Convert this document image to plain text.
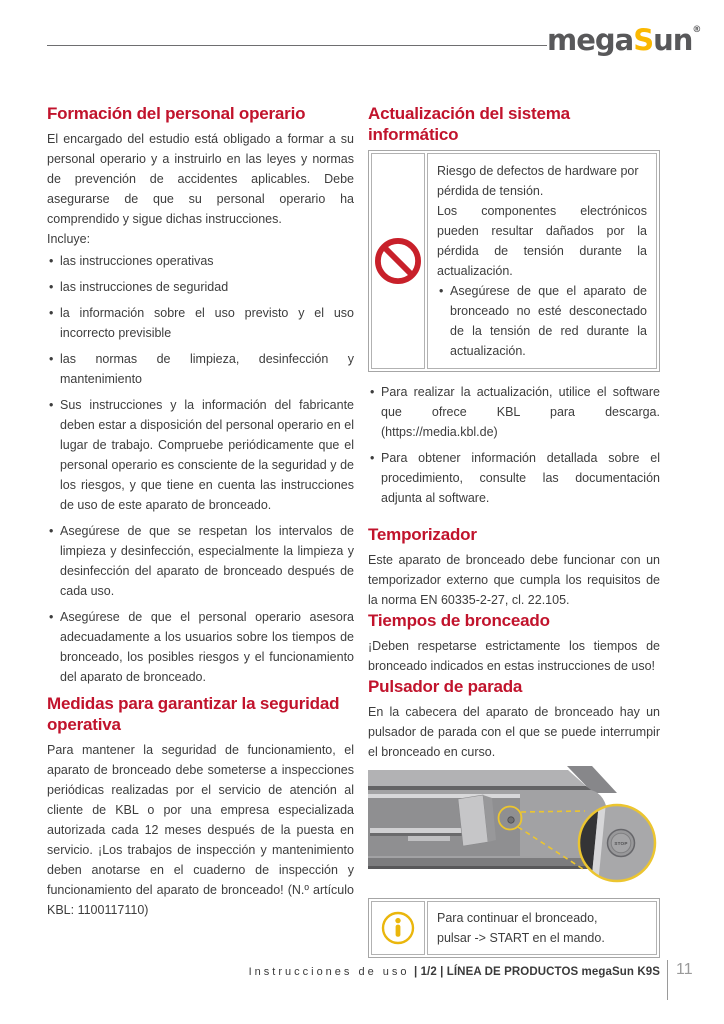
megaSun®
Formación del personal operario

El encargado del estudio está obligado a formar a su personal operario y a instruirlo en las leyes y normas de prevención de accidentes aplicables. Debe asegurarse de que su personal operario ha comprendido y sigue dichas instrucciones.

Incluye:

• las instrucciones operativas
• las instrucciones de seguridad
• la información sobre el uso previsto y el uso incorrecto previsible
• las normas de limpieza, desinfección y mantenimiento
• Sus instrucciones y la información del fabricante deben estar a disposición del personal operario en el lugar de trabajo. Compruebe periódicamente que el personal operario es consciente de la seguridad y de los riesgos, y que tiene en cuenta las instrucciones de uso de este aparato de bronceado.
• Asegúrese de que se respetan los intervalos de limpieza y desinfección, especialmente la limpieza y desinfección del aparato de bronceado después de cada uso.
• Asegúrese de que el personal operario asesora adecuadamente a los usuarios sobre los tiempos de bronceado, los posibles riesgos y el funcionamiento del aparato de bronceado.
Medidas para garantizar la seguridad operativa

Para mantener la seguridad de funcionamiento, el aparato de bronceado debe someterse a inspecciones periódicas realizadas por el servicio de atención al cliente de KBL o por una empresa especializada autorizada cada 12 meses después de la puesta en servicio. ¡Los trabajos de inspección y mantenimiento deben anotarse en el cuaderno de inspección y funcionamiento del aparato de bronceado! (N.º artículo KBL: 1100117110)

Actualización del sistema informático

Riesgo de defectos de hardware por pérdida de tensión.

Los componentes electrónicos pueden resultar dañados por la pérdida de tensión durante la actualización.

• Asegúrese de que el aparato de bronceado no esté desconectado de la tensión de red durante la actualización.
• Para realizar la actualización, utilice el software que ofrece KBL para descarga. (https://media.kbl.de)
• Para obtener información detallada sobre el procedimiento, consulte las documentación adjunta al software.
Temporizador

Este aparato de bronceado debe funcionar con un temporizador externo que cumpla los requisitos de la norma EN 60335-2-27, cl. 22.105.

Tiempos de bronceado

¡Deben respetarse estrictamente los tiempos de bronceado indicados en estas instrucciones de uso!

Pulsador de parada

En la cabecera del aparato de bronceado hay un pulsador de parada con el que se puede interrumpir el bronceado en curso.

STOP

Para continuar el bronceado,

pulsar -> START en el mando.

Instrucciones de uso | 1/2 | LÍNEA DE PRODUCTOS megaSun K9S 11
